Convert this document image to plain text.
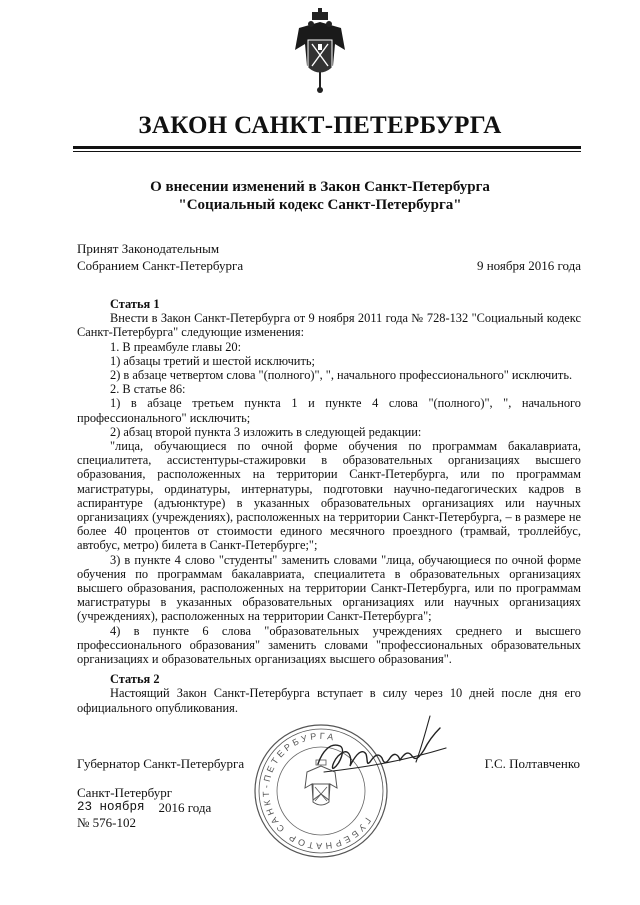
ЗАКОН САНКТ-ПЕТЕРБУРГА
О внесении изменений в Закон Санкт-Петербурга
"Социальный кодекс Санкт-Петербурга"
Принят Законодательным
Собранием Санкт-Петербурга	9 ноября 2016 года

Статья 1

Внести в Закон Санкт-Петербурга от 9 ноября 2011 года № 728-132 "Социальный кодекс Санкт-Петербурга" следующие изменения:

1. В преамбуле главы 20:

1) абзацы третий и шестой исключить;

2) в абзаце четвертом слова "(полного)", ", начального профессионального" исключить.

2. В статье 86:

1) в абзаце третьем пункта 1 и пункте 4 слова "(полного)", ", начального профессионального" исключить;

2) абзац второй пункта 3 изложить в следующей редакции:

"лица, обучающиеся по очной форме обучения по программам бакалавриата, специалитета, ассистентуры-стажировки в образовательных организациях высшего образования, расположенных на территории Санкт-Петербурга, или по программам магистратуры, ординатуры, интернатуры, подготовки научно-педагогических кадров в аспирантуре (адъюнктуре) в указанных образовательных организациях или научных организациях (учреждениях), расположенных на территории Санкт-Петербурга, – в размере не более 40 процентов от стоимости единого месячного проездного (трамвай, троллейбус, автобус, метро) билета в Санкт-Петербурге;";

3) в пункте 4 слово "студенты" заменить словами "лица, обучающиеся по очной форме обучения по программам бакалавриата, специалитета в образовательных организациях высшего образования, расположенных на территории Санкт-Петербурга, или по программам магистратуры в указанных образовательных организациях или научных организациях (учреждениях), расположенных на территории Санкт-Петербурга";

4) в пункте 6 слова "образовательных учреждениях среднего и высшего профессионального образования" заменить словами "профессиональных образовательных организациях и образовательных организациях высшего образования".

Статья 2

Настоящий Закон Санкт-Петербурга вступает в силу через 10 дней после дня его официального опубликования.

Губернатор Санкт-Петербурга	Г.С. Полтавченко
Санкт-Петербург
23 ноября 2016 года
№ 576-102	ГУБЕРНАТОР САНКТ-ПЕТЕРБУРГА
